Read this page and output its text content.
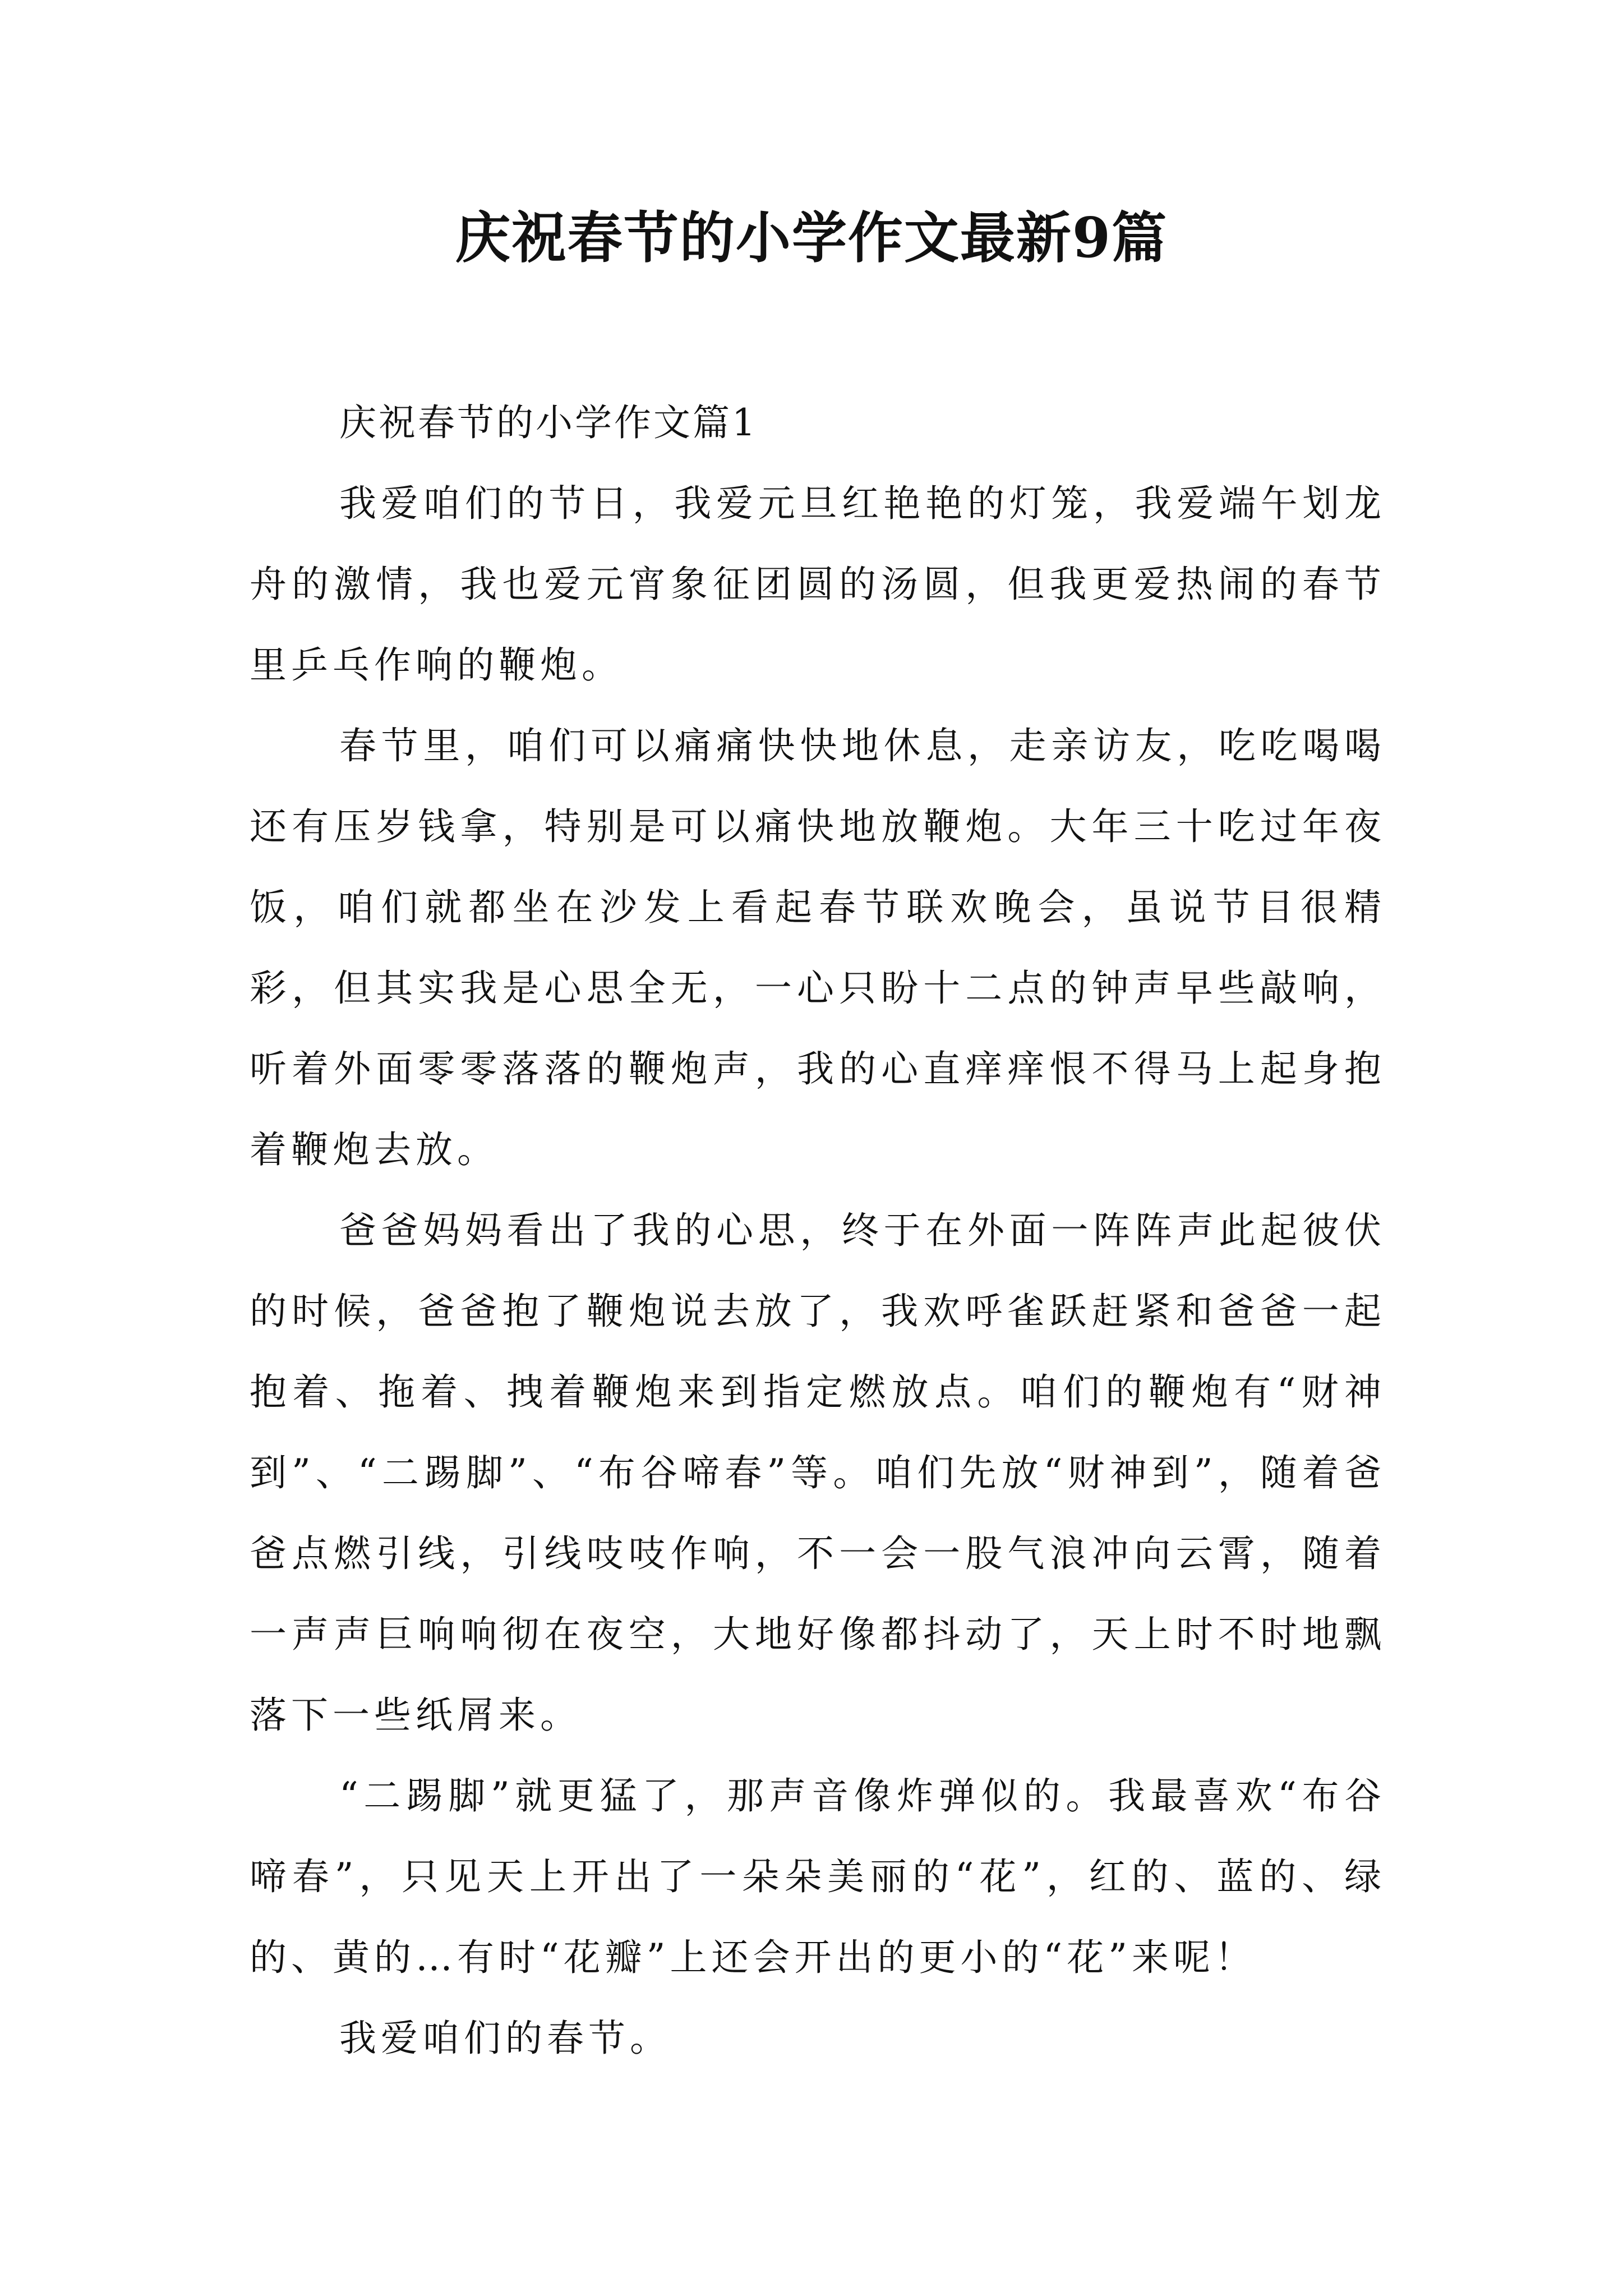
庆祝春节的小学作文最新9篇

庆祝春节的小学作文篇1

我爱咱们的节日，我爱元旦红艳艳的灯笼，我爱端午划龙舟的激情，我也爱元宵象征团圆的汤圆，但我更爱热闹的春节里乒乓作响的鞭炮。

春节里，咱们可以痛痛快快地休息，走亲访友，吃吃喝喝还有压岁钱拿，特别是可以痛快地放鞭炮。大年三十吃过年夜饭，咱们就都坐在沙发上看起春节联欢晚会，虽说节目很精彩，但其实我是心思全无，一心只盼十二点的钟声早些敲响，听着外面零零落落的鞭炮声，我的心直痒痒恨不得马上起身抱着鞭炮去放。

爸爸妈妈看出了我的心思，终于在外面一阵阵声此起彼伏的时候，爸爸抱了鞭炮说去放了，我欢呼雀跃赶紧和爸爸一起抱着、拖着、拽着鞭炮来到指定燃放点。咱们的鞭炮有“财神到”、“二踢脚”、“布谷啼春”等。咱们先放“财神到”，随着爸爸点燃引线，引线吱吱作响，不一会一股气浪冲向云霄，随着一声声巨响响彻在夜空，大地好像都抖动了，天上时不时地飘落下一些纸屑来。

“二踢脚”就更猛了，那声音像炸弹似的。我最喜欢“布谷啼春”，只见天上开出了一朵朵美丽的“花”，红的、蓝的、绿的、黄的…有时“花瓣”上还会开出的更小的“花”来呢！

我爱咱们的春节。
